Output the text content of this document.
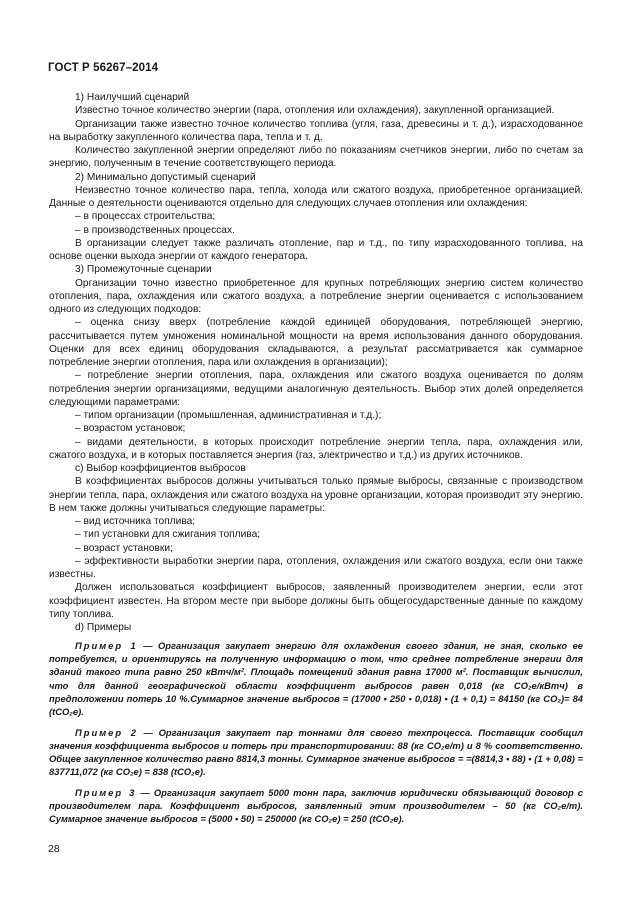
ГОСТ Р 56267–2014

1) Наилучший сценарий

Известно точное количество энергии (пара, отопления или охлаждения), закупленной организацией.

Организации также известно точное количество топлива (угля, газа, древесины и т. д.), израсходованное на выработку закупленного количества пара, тепла и т. д.

Количество закупленной энергии определяют либо по показаниям счетчиков энергии, либо по счетам за энергию, полученным в течение соответствующего периода.

2) Минимально допустимый сценарий

Неизвестно точное количество пара, тепла, холода или сжатого воздуха, приобретенное организацией. Данные о деятельности оцениваются отдельно для следующих случаев отопления или охлаждения:

– в процессах строительства;

– в производственных процессах.

В организации следует также различать отопление, пар и т.д., по типу израсходованного топлива, на основе оценки выхода энергии от каждого генератора.

3) Промежуточные сценарии

Организации точно известно приобретенное для крупных потребляющих энергию систем количество отопления, пара, охлаждения или сжатого воздуха, а потребление энергии оценивается с использованием одного из следующих подходов:

– оценка снизу вверх (потребление каждой единицей оборудования, потребляющей энергию, рассчитывается путем умножения номинальной мощности на время использования данного оборудования. Оценки для всех единиц оборудования складываются, а результат рассматривается как суммарное потребление энергии отопления, пара или охлаждения в организации);

– потребление энергии отопления, пара, охлаждения или сжатого воздуха оценивается по долям потребления энергии организациями, ведущими аналогичную деятельность. Выбор этих долей определяется следующими параметрами:

– типом организации (промышленная, административная и т.д.);

– возрастом установок;

– видами деятельности, в которых происходит потребление энергии тепла, пара, охлаждения или, сжатого воздуха, и в которых поставляется энергия (газ, электричество и т.д.) из других источников.

c) Выбор коэффициентов выбросов

В коэффициентах выбросов должны учитываться только прямые выбросы, связанные с производством энергии тепла, пара, охлаждения или сжатого воздуха на уровне организации, которая производит эту энергию. В нем также должны учитываться следующие параметры:

– вид источника топлива;

– тип установки для сжигания топлива;

– возраст установки;

– эффективности выработки энергии пара, отопления, охлаждения или сжатого воздуха, если они также известны.

Должен использоваться коэффициент выбросов, заявленный производителем энергии, если этот коэффициент известен. На втором месте при выборе должны быть общегосударственные данные по каждому типу топлива.

d) Примеры

Пример 1 — Организация закупает энергию для охлаждения своего здания, не зная, сколько ее потребуется, и ориентируясь на полученную информацию о том, что среднее потребление энергии для зданий такого типа равно 250 кВтч/м². Площадь помещений здания равна 17000 м². Поставщик вычислил, что для данной географической области коэффициент выбросов равен 0,018 (кг CO₂е/кВтч) в предположении потерь 10 %.Суммарное значение выбросов = (17000 • 250 • 0,018) • (1 + 0,1) = 84150 (кг CO₂)= 84 (tCO₂е).

Пример 2 — Организация закупает пар тоннами для своего техпроцесса. Поставщик сообщил значения коэффициента выбросов и потерь при транспортировании: 88 (кг CO₂е/т) и 8 % соответственно. Общее закупленное количество равно 8814,3 тонны. Суммарное значение выбросов = =(8814,3 • 88) • (1 + 0,08) = 837711,072 (кг CO₂е) = 838 (tCO₂е).

Пример 3 — Организация закупает 5000 тонн пара, заключив юридически обязывающий договор с производителем пара. Коэффициент выбросов, заявленный этим производителем – 50 (кг CO₂е/т). Суммарное значение выбросов = (5000 • 50) = 250000 (кг CO₂е) = 250 (tCO₂е).

28
